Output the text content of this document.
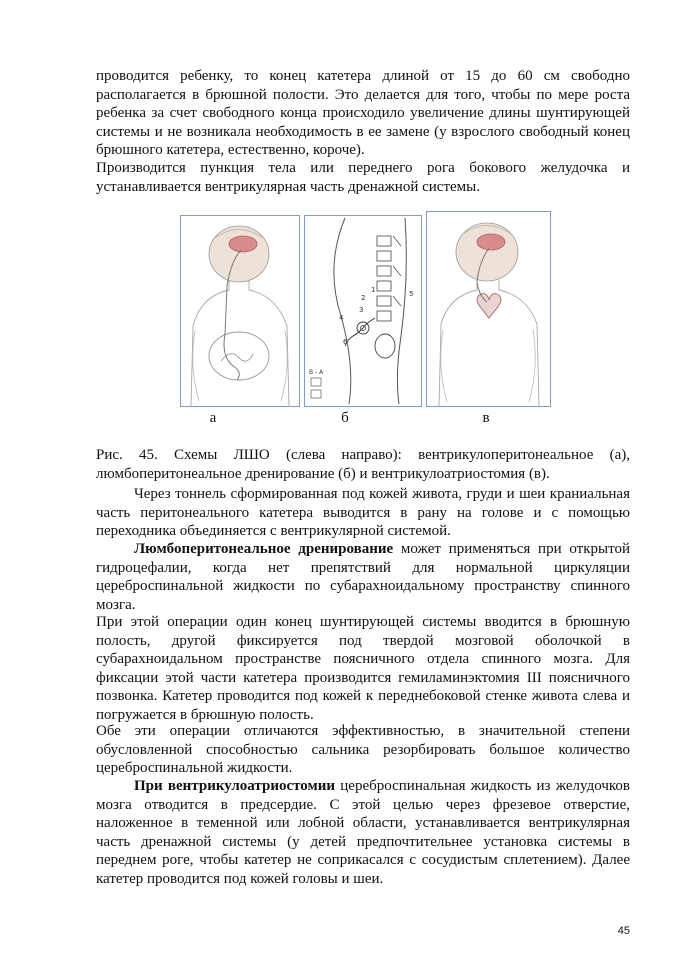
проводится ребенку, то конец катетера длиной от 15 до 60 см свободно располагается в брюшной полости. Это делается для того, чтобы по мере роста ребенка за счет свободного конца происходило увеличение длины шунтирующей системы и не возникала необходимость в ее замене (у взрослого свободный конец брюшного катетера, естественно, короче).

Производится пункция тела или переднего рога бокового желудочка и устанавливается вентрикулярная часть дренажной системы.

1
2
3
4
5
6
В - А
а	б	в

Рис. 45. Схемы ЛШО (слева направо): вентрикулоперитонеальное (а), люмбоперитонеальное дренирование (б) и вентрикулоатриостомия (в).

Через тоннель сформированная под кожей живота, груди и шеи краниальная часть перитонеального катетера выводится в рану на голове и с помощью переходника объединяется с вентрикулярной системой.

Люмбоперитонеальное дренирование может применяться при открытой гидроцефалии, когда нет препятствий для нормальной циркуляции цереброспинальной жидкости по субарахноидальному пространству спинного мозга.

При этой операции один конец шунтирующей системы вводится в брюшную полость, другой фиксируется под твердой мозговой оболочкой в субарахноидальном пространстве поясничного отдела спинного мозга. Для фиксации этой части катетера производится гемиламинэктомия III поясничного позвонка. Катетер проводится под кожей к переднебоковой стенке живота слева и погружается в брюшную полость.

Обе эти операции отличаются эффективностью, в значительной степени обусловленной способностью сальника резорбировать большое количество цереброспинальной жидкости.

При вентрикулоатриостомии цереброспинальная жидкость из желудочков мозга отводится в предсердие. С этой целью через фрезевое отверстие, наложенное в теменной или лобной области, устанавливается вентрикулярная часть дренажной системы (у детей предпочтительнее установка системы в переднем роге, чтобы катетер не соприкасался с сосудистым сплетением). Далее катетер проводится под кожей головы и шеи.

45
